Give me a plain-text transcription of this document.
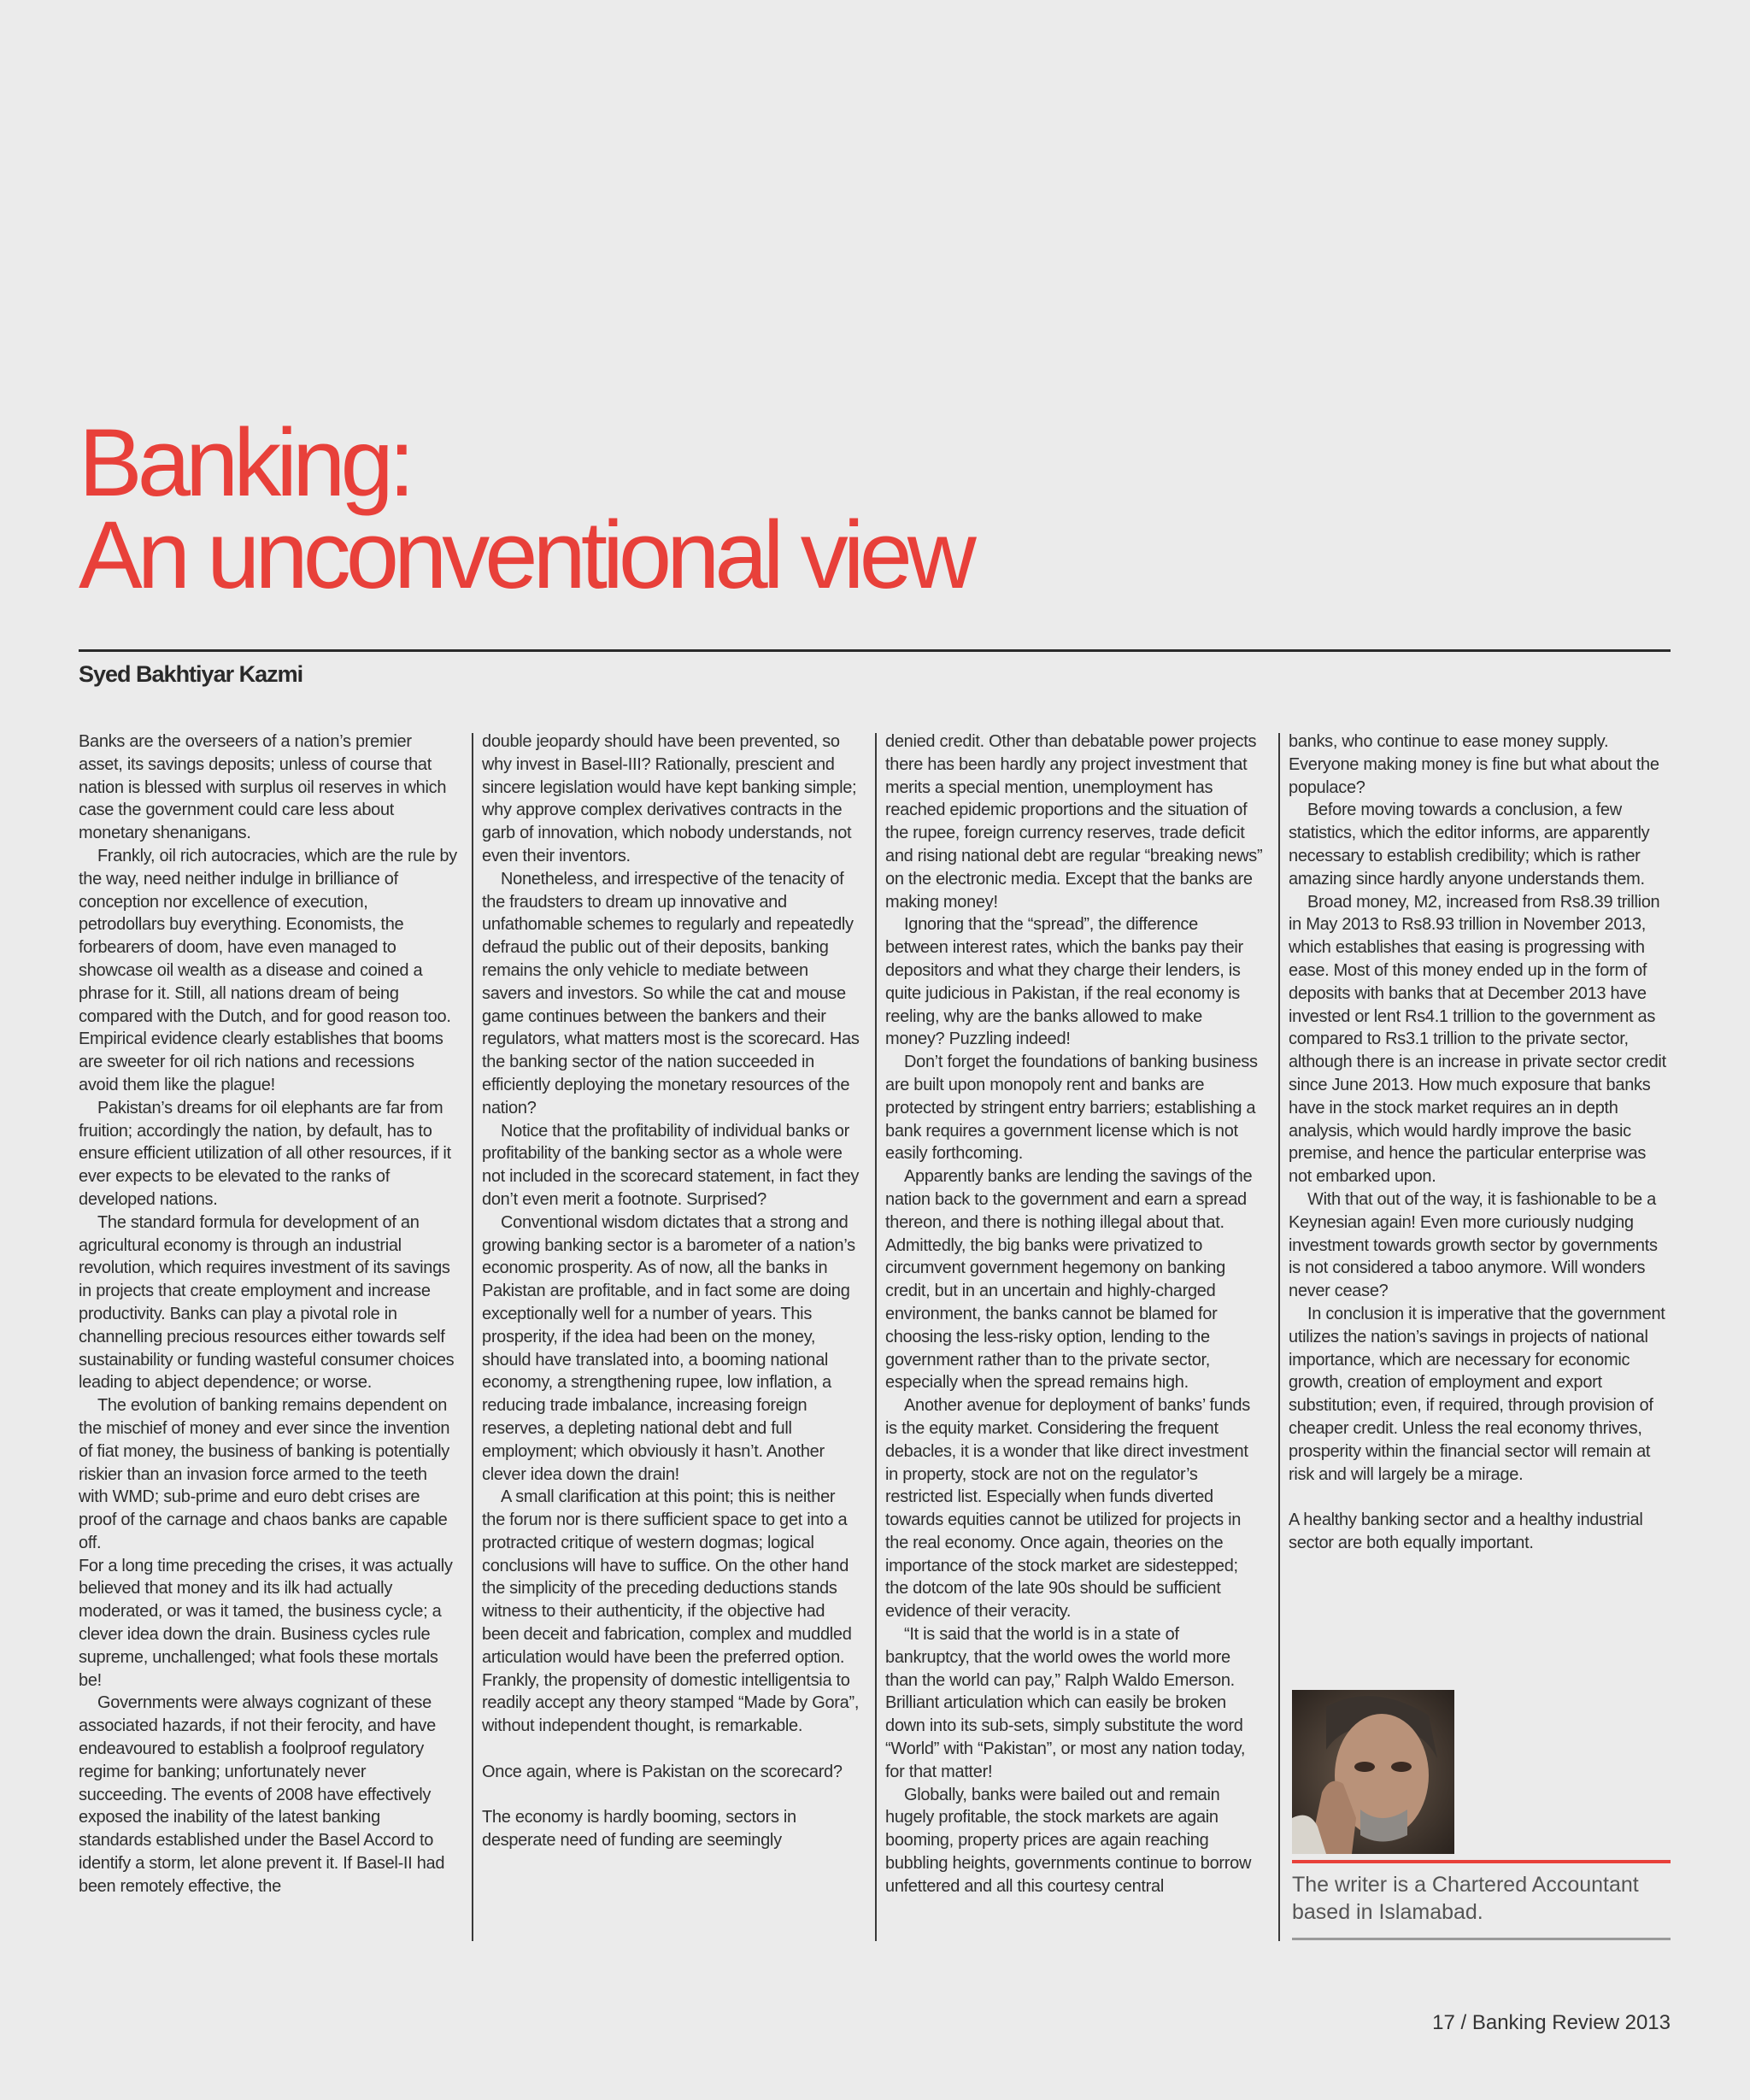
Banking:
An unconventional view
Syed Bakhtiyar Kazmi

Banks are the overseers of a nation’s premier asset, its savings deposits; unless of course that nation is blessed with surplus oil reserves in which case the government could care less about monetary shenanigans.

Frankly, oil rich autocracies, which are the rule by the way, need neither indulge in brilliance of conception nor excellence of execution, petrodollars buy everything. Economists, the forbearers of doom, have even managed to showcase oil wealth as a disease and coined a phrase for it. Still, all nations dream of being compared with the Dutch, and for good reason too. Empirical evidence clearly establishes that booms are sweeter for oil rich nations and recessions avoid them like the plague!

Pakistan’s dreams for oil elephants are far from fruition; accordingly the nation, by default, has to ensure efficient utilization of all other resources, if it ever expects to be elevated to the ranks of developed nations.

The standard formula for development of an agricultural economy is through an industrial revolution, which requires investment of its savings in projects that create employment and increase productivity. Banks can play a pivotal role in channelling precious resources either towards self sustainability or funding wasteful consumer choices leading to abject dependence; or worse.

The evolution of banking remains dependent on the mischief of money and ever since the invention of fiat money, the business of banking is potentially riskier than an invasion force armed to the teeth with WMD; sub-prime and euro debt crises are proof of the carnage and chaos banks are capable off.

For a long time preceding the crises, it was actually believed that money and its ilk had actually moderated, or was it tamed, the business cycle; a clever idea down the drain. Business cycles rule supreme, unchallenged; what fools these mortals be!

Governments were always cognizant of these associated hazards, if not their ferocity, and have endeavoured to establish a foolproof regulatory regime for banking; unfortunately never succeeding. The events of 2008 have effectively exposed the inability of the latest banking standards established under the Basel Accord to identify a storm, let alone prevent it. If Basel-II had been remotely effective, the

double jeopardy should have been prevented, so why invest in Basel-III? Rationally, prescient and sincere legislation would have kept banking simple; why approve complex derivatives contracts in the garb of innovation, which nobody understands, not even their inventors.

Nonetheless, and irrespective of the tenacity of the fraudsters to dream up innovative and unfathomable schemes to regularly and repeatedly defraud the public out of their deposits, banking remains the only vehicle to mediate between savers and investors. So while the cat and mouse game continues between the bankers and their regulators, what matters most is the scorecard. Has the banking sector of the nation succeeded in efficiently deploying the monetary resources of the nation?

Notice that the profitability of individual banks or profitability of the banking sector as a whole were not included in the scorecard statement, in fact they don’t even merit a footnote. Surprised?

Conventional wisdom dictates that a strong and growing banking sector is a barometer of a nation’s economic prosperity. As of now, all the banks in Pakistan are profitable, and in fact some are doing exceptionally well for a number of years. This prosperity, if the idea had been on the money, should have translated into, a booming national economy, a strengthening rupee, low inflation, a reducing trade imbalance, increasing foreign reserves, a depleting national debt and full employment; which obviously it hasn’t. Another clever idea down the drain!

A small clarification at this point; this is neither the forum nor is there sufficient space to get into a protracted critique of western dogmas; logical conclusions will have to suffice. On the other hand the simplicity of the preceding deductions stands witness to their authenticity, if the objective had been deceit and fabrication, complex and muddled articulation would have been the preferred option. Frankly, the propensity of domestic intelligentsia to readily accept any theory stamped “Made by Gora”, without independent thought, is remarkable.

Once again, where is Pakistan on the scorecard?

The economy is hardly booming, sectors in desperate need of funding are seemingly

denied credit. Other than debatable power projects there has been hardly any project investment that merits a special mention, unemployment has reached epidemic proportions and the situation of the rupee, foreign currency reserves, trade deficit and rising national debt are regular “breaking news” on the electronic media. Except that the banks are making money!

Ignoring that the “spread”, the difference between interest rates, which the banks pay their depositors and what they charge their lenders, is quite judicious in Pakistan, if the real economy is reeling, why are the banks allowed to make money? Puzzling indeed!

Don’t forget the foundations of banking business are built upon monopoly rent and banks are protected by stringent entry barriers; establishing a bank requires a government license which is not easily forthcoming.

Apparently banks are lending the savings of the nation back to the government and earn a spread thereon, and there is nothing illegal about that. Admittedly, the big banks were privatized to circumvent government hegemony on banking credit, but in an uncertain and highly-charged environment, the banks cannot be blamed for choosing the less-risky option, lending to the government rather than to the private sector, especially when the spread remains high.

Another avenue for deployment of banks’ funds is the equity market. Considering the frequent debacles, it is a wonder that like direct investment in property, stock are not on the regulator’s restricted list. Especially when funds diverted towards equities cannot be utilized for projects in the real economy. Once again, theories on the importance of the stock market are sidestepped; the dotcom of the late 90s should be sufficient evidence of their veracity.

“It is said that the world is in a state of bankruptcy, that the world owes the world more than the world can pay,” Ralph Waldo Emerson. Brilliant articulation which can easily be broken down into its sub-sets, simply substitute the word “World” with “Pakistan”, or most any nation today, for that matter!

Globally, banks were bailed out and remain hugely profitable, the stock markets are again booming, property prices are again reaching bubbling heights, governments continue to borrow unfettered and all this courtesy central

banks, who continue to ease money supply. Everyone making money is fine but what about the populace?

Before moving towards a conclusion, a few statistics, which the editor informs, are apparently necessary to establish credibility; which is rather amazing since hardly anyone understands them.

Broad money, M2, increased from Rs8.39 trillion in May 2013 to Rs8.93 trillion in November 2013, which establishes that easing is progressing with ease. Most of this money ended up in the form of deposits with banks that at December 2013 have invested or lent Rs4.1 trillion to the government as compared to Rs3.1 trillion to the private sector, although there is an increase in private sector credit since June 2013. How much exposure that banks have in the stock market requires an in depth analysis, which would hardly improve the basic premise, and hence the particular enterprise was not embarked upon.

With that out of the way, it is fashionable to be a Keynesian again! Even more curiously nudging investment towards growth sector by governments is not considered a taboo anymore. Will wonders never cease?

In conclusion it is imperative that the government utilizes the nation’s savings in projects of national importance, which are necessary for economic growth, creation of employment and export substitution; even, if required, through provision of cheaper credit. Unless the real economy thrives, prosperity within the financial sector will remain at risk and will largely be a mirage.

A healthy banking sector and a healthy industrial sector are both equally important.

The writer is a Chartered Accountant based in Islamabad.
17 / Banking Review 2013
